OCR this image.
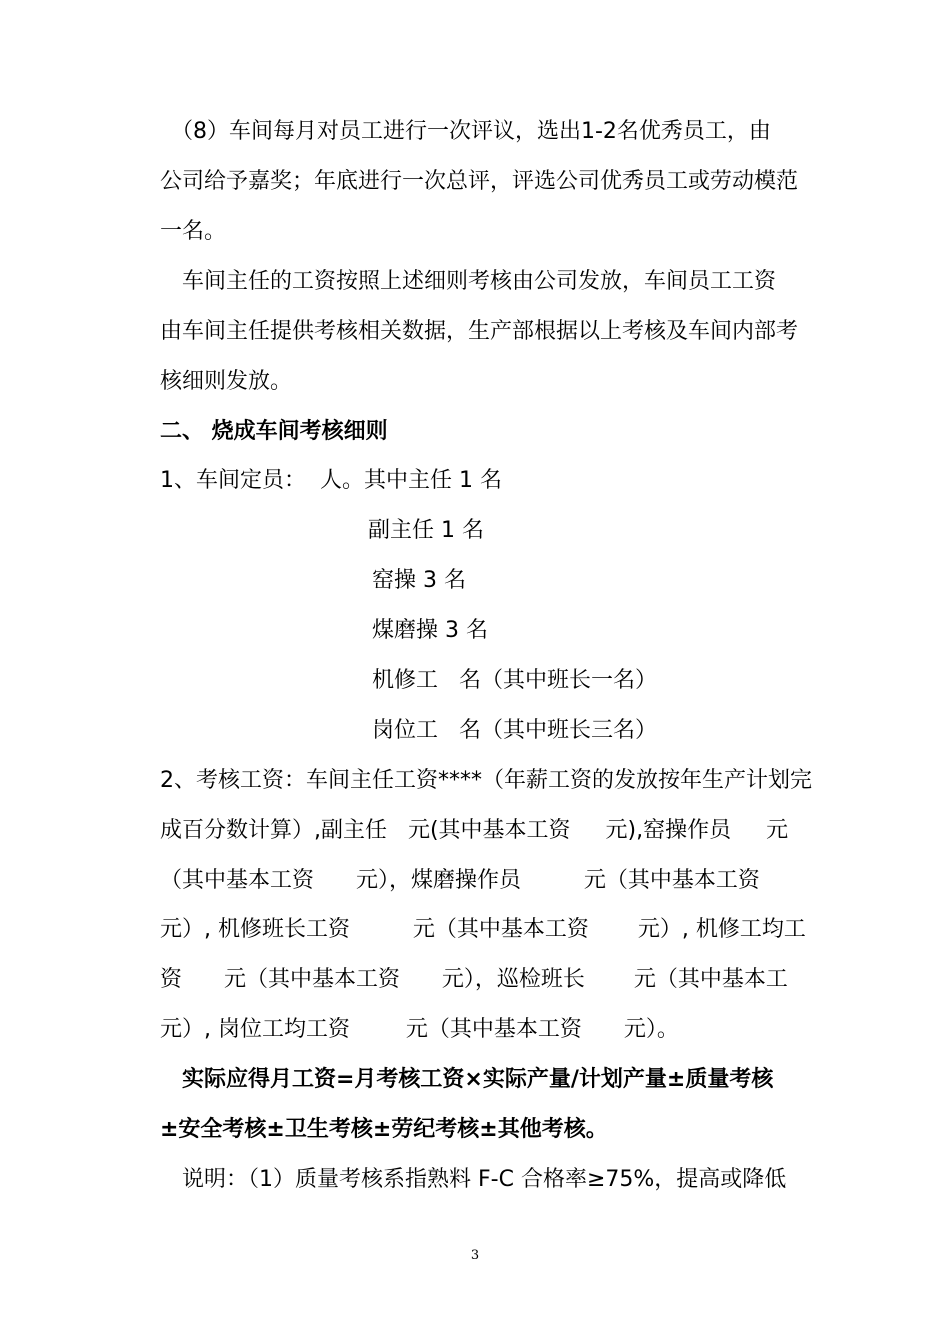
　（8）车间每月对员工进行一次评议，选出1-2名优秀员工，由
公司给予嘉奖；年底进行一次总评，评选公司优秀员工或劳动模范
一名。
　车间主任的工资按照上述细则考核由公司发放，车间员工工资
由车间主任提供考核相关数据，生产部根据以上考核及车间内部考
核细则发放。
二、 烧成车间考核细则
1、车间定员：  人。其中主任 1 名
副主任 1 名
窑操 3 名
煤磨操 3 名
机修工   名（其中班长一名）
岗位工   名（其中班长三名）
2、考核工资：车间主任工资****（年薪工资的发放按年生产计划完
成百分数计算）,副主任   元(其中基本工资     元),窑操作员     元
（其中基本工资      元），煤磨操作员         元（其中基本工资
元）, 机修班长工资         元（其中基本工资       元）, 机修工均工
资      元（其中基本工资      元），巡检班长       元（其中基本工
元）, 岗位工均工资        元（其中基本工资      元）。
　实际应得月工资=月考核工资×实际产量/计划产量±质量考核
±安全考核±卫生考核±劳纪考核±其他考核。
　说明：（1）质量考核系指熟料 F-C 合格率≥75%，提高或降低
3
